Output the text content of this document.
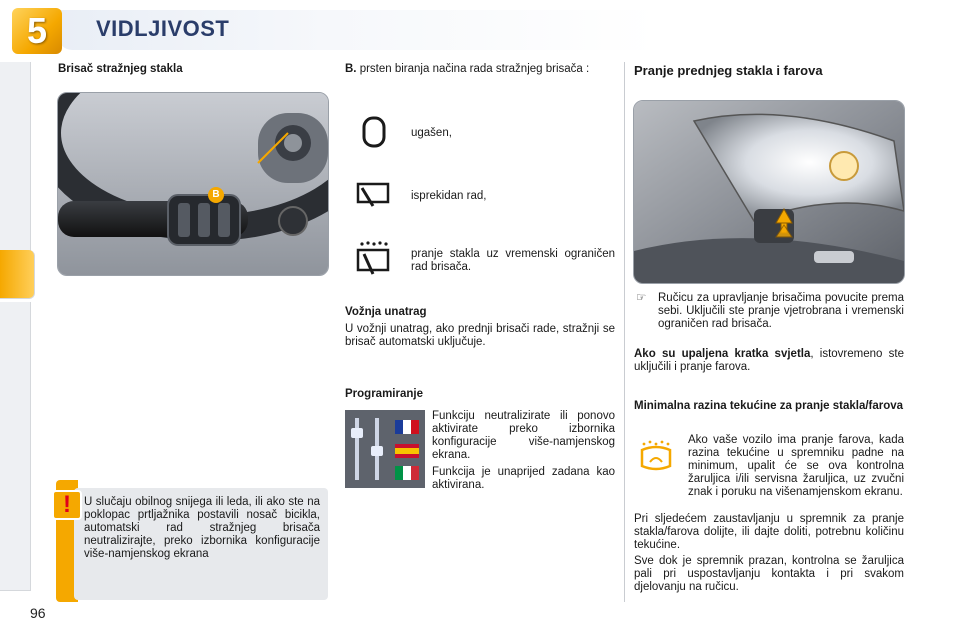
5	VIDLJIVOST
Brisač stražnjeg stakla
B
!	U slučaju obilnog snijega ili leda, ili ako ste na poklopac prtljažnika postavili nosač bicikla, automatski rad stražnjeg brisača neutralizirajte, preko izbornika konfiguracije više-namjenskog ekrana
B. prsten biranja načina rada stražnjeg brisača :
ugašen,
isprekidan rad,
pranje stakla uz vremenski ograničen rad brisača.
Vožnja unatrag
U vožnji unatrag, ako prednji brisači rade, stražnji se brisač automatski uključuje.
Programiranje
Funkciju neutralizirate ili ponovo aktivirate preko izbornika konfiguracije više-namjenskog ekrana.
Funkcija je unaprijed zadana kao aktivirana.
Pranje prednjeg stakla i farova
☞	Ručicu za upravljanje brisačima povucite prema sebi. Uključili ste pranje vjetrobrana i vremenski ograničen rad brisača.
Ako su upaljena kratka svjetla, istovremeno ste uključili i pranje farova.
Minimalna razina tekućine za pranje stakla/farova
Ako vaše vozilo ima pranje farova, kada razina tekućine u spremniku padne na minimum, upalit će se ova kontrolna žaruljica i/ili servisna žaruljica, uz zvučni znak i poruku na višenamjenskom ekranu.
Pri sljedećem zaustavljanju u spremnik za pranje stakla/farova dolijte, ili dajte doliti, potrebnu količinu tekućine.
Sve dok je spremnik prazan, kontrolna se žaruljica pali pri uspostavljanju kontakta i pri svakom djelovanju na ručicu.
96
